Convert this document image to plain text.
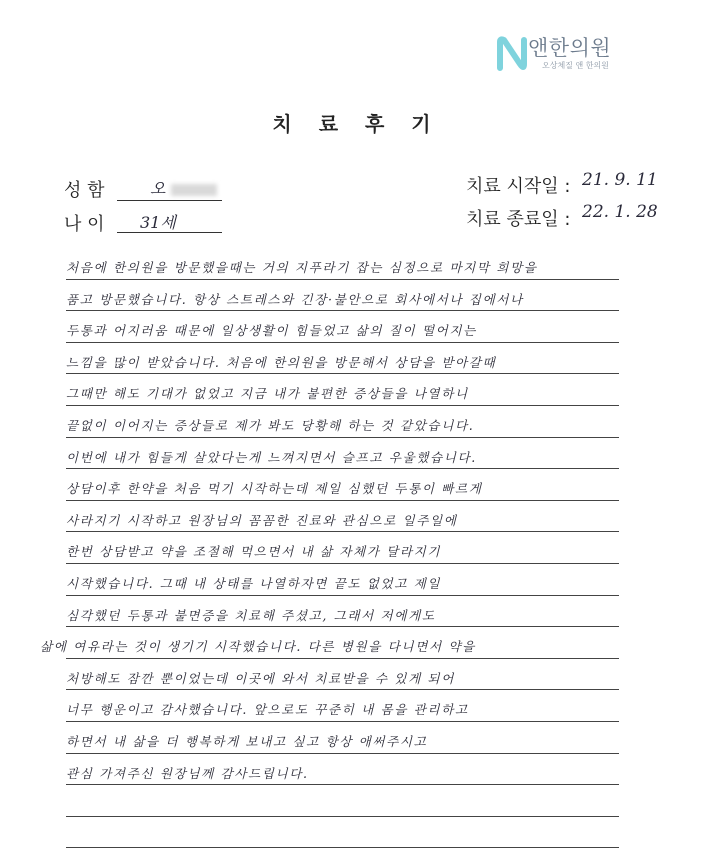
앤한의원
오상체질 앤 한의원
치 료 후 기
성 함	오
나 이 31세
치료 시작일 : 21. 9. 11
치료 종료일 : 22. 1. 28
처음에 한의원을 방문했을때는 거의 지푸라기 잡는 심정으로 마지막 희망을
품고 방문했습니다. 항상 스트레스와 긴장·불안으로 회사에서나 집에서나
두통과 어지러움 때문에 일상생활이 힘들었고 삶의 질이 떨어지는
느낌을 많이 받았습니다. 처음에 한의원을 방문해서 상담을 받아갈때
그때만 해도 기대가 없었고 지금 내가 불편한 증상들을 나열하니
끝없이 이어지는 증상들로 제가 봐도 당황해 하는 것 같았습니다.
이번에 내가 힘들게 살았다는게 느껴지면서 슬프고 우울했습니다.
상담이후 한약을 처음 먹기 시작하는데 제일 심했던 두통이 빠르게
사라지기 시작하고 원장님의 꼼꼼한 진료와 관심으로 일주일에
한번 상담받고 약을 조절해 먹으면서 내 삶 자체가 달라지기
시작했습니다. 그때 내 상태를 나열하자면 끝도 없었고 제일
심각했던 두통과 불면증을 치료해 주셨고, 그래서 저에게도
삶에 여유라는 것이 생기기 시작했습니다. 다른 병원을 다니면서 약을
처방해도 잠깐 뿐이었는데 이곳에 와서 치료받을 수 있게 되어
너무 행운이고 감사했습니다. 앞으로도 꾸준히 내 몸을 관리하고
하면서 내 삶을 더 행복하게 보내고 싶고 항상 애써주시고
관심 가져주신 원장님께 감사드립니다.
